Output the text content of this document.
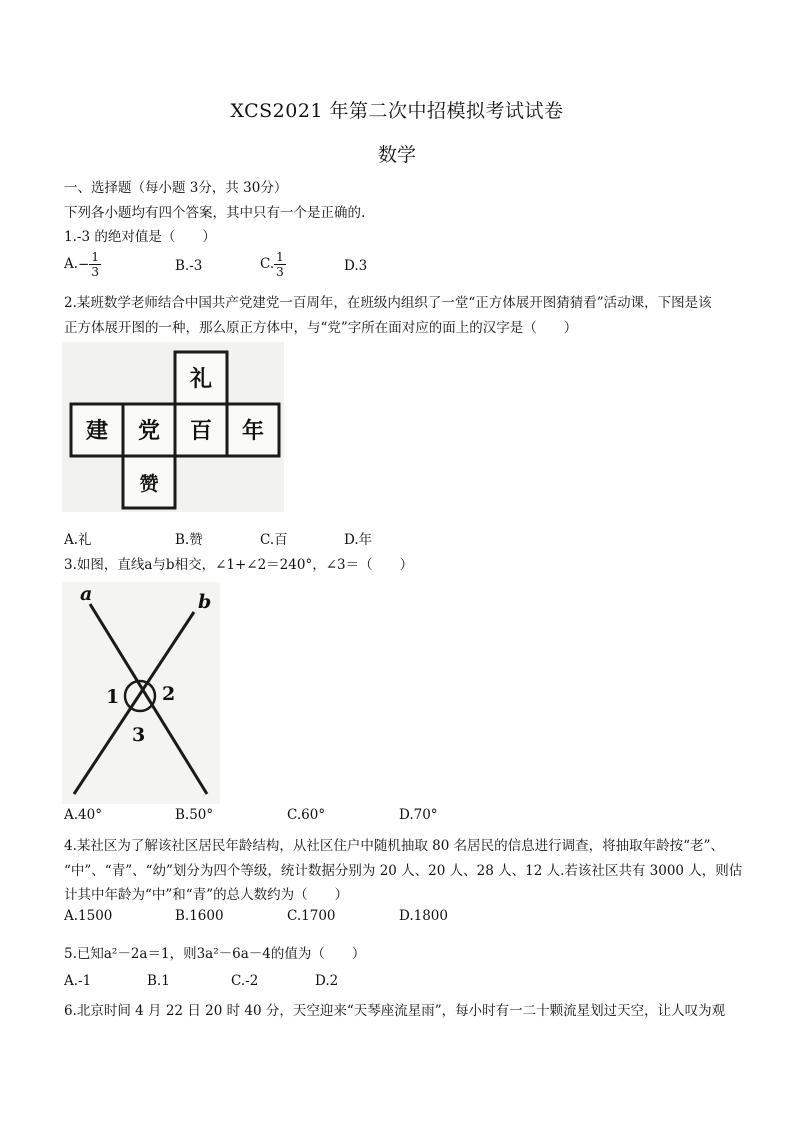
XCS2021 年第二次中招模拟考试试卷
数学
一、选择题（每小题 3分，共 30分）
下列各小题均有四个答案，其中只有一个是正确的.
1.-3 的绝对值是（　　）
$A.- \frac{1}{3}$	B.-3	C. $\frac{1}{3}$	D.3
2.某班数学老师结合中国共产党建党一百周年，在班级内组织了一堂“正方体展开图猜猜看”活动课，下图是该
正方体展开图的一种，那么原正方体中，与“党”字所在面对应的面上的汉字是（　　）
礼
建 党 百 年
赞
A.礼	B.赞	C.百	D.年
3.如图，直线a与b相交，∠1+∠2＝240°，∠3＝（　　）
a	b
1 2
3
A.40°	B.50°	C.60°	D.70°
4.某社区为了解该社区居民年龄结构，从社区住户中随机抽取 80 名居民的信息进行调查，将抽取年龄按“老”、
“中”、“青”、“幼”划分为四个等级，统计数据分别为 20 人、20 人、28 人、12 人.若该社区共有 3000 人，则估
计其中年龄为“中”和“青”的总人数约为（　　）
A.1500	B.1600	C.1700	D.1800
5.已知a²－2a＝1，则3a²－6a－4的值为（　　）
A.-1	B.1	C.-2	D.2
6.北京时间 4 月 22 日 20 时 40 分，天空迎来“天琴座流星雨”，每小时有一二十颗流星划过天空，让人叹为观
